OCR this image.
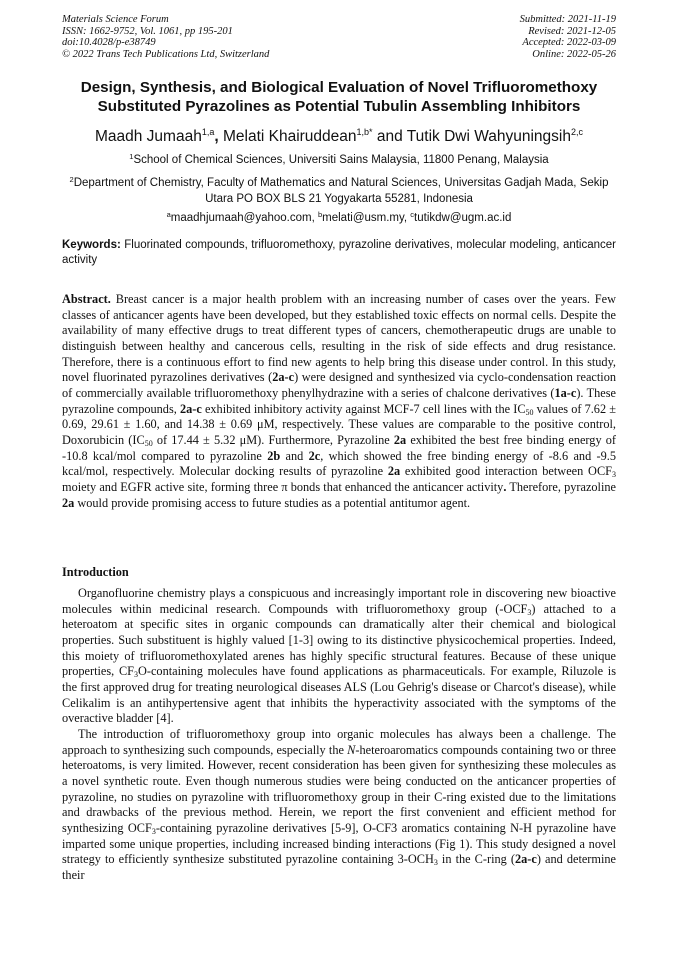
Materials Science Forum
ISSN: 1662-9752, Vol. 1061, pp 195-201
doi:10.4028/p-e38749
© 2022 Trans Tech Publications Ltd, Switzerland
Submitted: 2021-11-19
Revised: 2021-12-05
Accepted: 2022-03-09
Online: 2022-05-26
Design, Synthesis, and Biological Evaluation of Novel Trifluoromethoxy
Substituted Pyrazolines as Potential Tubulin Assembling Inhibitors
Maadh Jumaah$^{1,a}$, Melati Khairuddean$^{1,b*}$ and Tutik Dwi Wahyuningsih$^{2,c}$
$^1$School of Chemical Sciences, Universiti Sains Malaysia, 11800 Penang, Malaysia
$^2$Department of Chemistry, Faculty of Mathematics and Natural Sciences, Universitas Gadjah Mada, Sekip Utara PO BOX BLS 21 Yogyakarta 55281, Indonesia
$^a$maadhjumaah@yahoo.com, $^b$melati@usm.my, $^c$tutikdw@ugm.ac.id
Keywords: Fluorinated compounds, trifluoromethoxy, pyrazoline derivatives, molecular modeling, anticancer activity
Abstract. Breast cancer is a major health problem with an increasing number of cases over the years. Few classes of anticancer agents have been developed, but they established toxic effects on normal cells. Despite the availability of many effective drugs to treat different types of cancers, chemotherapeutic drugs are unable to distinguish between healthy and cancerous cells, resulting in the risk of side effects and drug resistance. Therefore, there is a continuous effort to find new agents to help bring this disease under control. In this study, novel fluorinated pyrazolines derivatives (2a-c) were designed and synthesized via cyclo-condensation reaction of commercially available trifluoromethoxy phenylhydrazine with a series of chalcone derivatives (1a-c). These pyrazoline compounds, 2a-c exhibited inhibitory activity against MCF-7 cell lines with the $IC_{50}$ values of 7.62 ± 0.69, 29.61 ± 1.60, and 14.38 ± 0.69 μM, respectively. These values are comparable to the positive control, Doxorubicin ($IC_{50}$ of 17.44 ± 5.32 μM). Furthermore, Pyrazoline 2a exhibited the best free binding energy of -10.8 kcal/mol compared to pyrazoline 2b and 2c, which showed the free binding energy of -8.6 and -9.5 kcal/mol, respectively. Molecular docking results of pyrazoline 2a exhibited good interaction between $OCF_3$ moiety and EGFR active site, forming three π bonds that enhanced the anticancer activity. Therefore, pyrazoline 2a would provide promising access to future studies as a potential antitumor agent.
Introduction

Organofluorine chemistry plays a conspicuous and increasingly important role in discovering new bioactive molecules within medicinal research. Compounds with trifluoromethoxy group $(-OCF_3)$ attached to a heteroatom at specific sites in organic compounds can dramatically alter their chemical and biological properties. Such substituent is highly valued [1-3] owing to its distinctive physicochemical properties. Indeed, this moiety of trifluoromethoxylated arenes has highly specific structural features. Because of these unique properties, $CF_3O$-containing molecules have found applications as pharmaceuticals. For example, Riluzole is the first approved drug for treating neurological diseases ALS (Lou Gehrig's disease or Charcot's disease), while Celikalim is an antihypertensive agent that inhibits the hyperactivity associated with the symptoms of the overactive bladder [4].

The introduction of trifluoromethoxy group into organic molecules has always been a challenge. The approach to synthesizing such compounds, especially the N-heteroaromatics compounds containing two or three heteroatoms, is very limited. However, recent consideration has been given for synthesizing these molecules as a novel synthetic route. Even though numerous studies were being conducted on the anticancer properties of pyrazoline, no studies on pyrazoline with trifluoromethoxy group in their C-ring existed due to the limitations and drawbacks of the previous method. Herein, we report the first convenient and efficient method for synthesizing $OCF_3$-containing pyrazoline derivatives [5-9], O-CF3 aromatics containing N-H pyrazoline have imparted some unique properties, including increased binding interactions (Fig 1). This study designed a novel strategy to efficiently synthesize substituted pyrazoline containing $3-OCH_3$ in the C-ring (2a-c) and determine their
